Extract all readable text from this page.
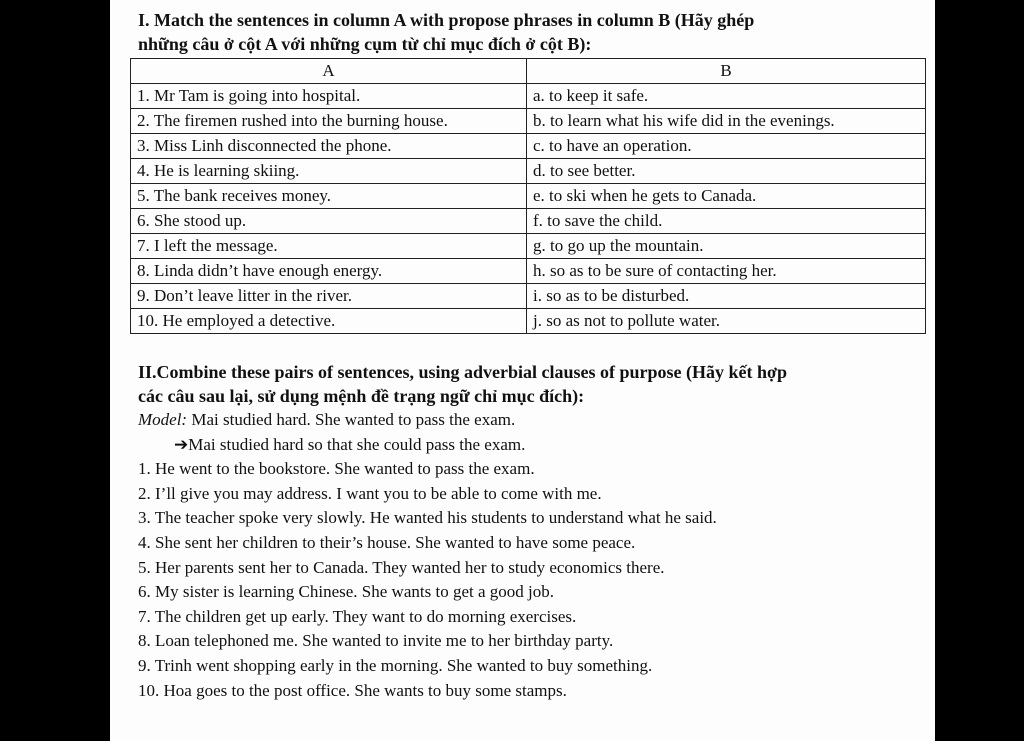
I. Match the sentences in column A with propose phrases in column B (Hãy ghép
những câu ở cột A với những cụm từ chỉ mục đích ở cột B):

A	B
1. Mr Tam is going into hospital.	a. to keep it safe.
2. The firemen rushed into the burning house.	b. to learn what his wife did in the evenings.
3. Miss Linh disconnected the phone.	c. to have an operation.
4. He is learning skiing.	d. to see better.
5. The bank receives money.	e. to ski when he gets to Canada.
6. She stood up.	f. to save the child.
7. I left the message.	g. to go up the mountain.
8. Linda didn’t have enough energy.	h. so as to be sure of contacting her.
9. Don’t leave litter in the river.	i. so as to be disturbed.
10. He employed a detective.	j. so as not to pollute water.

II.Combine these pairs of sentences, using adverbial clauses of purpose (Hãy kết hợp
các câu sau lại, sử dụng mệnh đề trạng ngữ chỉ mục đích):

Model: Mai studied hard. She wanted to pass the exam.

➔Mai studied hard so that she could pass the exam.

1. He went to the bookstore. She wanted to pass the exam.

2. I’ll give you may address. I want you to be able to come with me.

3. The teacher spoke very slowly. He wanted his students to understand what he said.

4. She sent her children to their’s house. She wanted to have some peace.

5. Her parents sent her to Canada. They wanted her to study economics there.

6. My sister is learning Chinese. She wants to get a good job.

7. The children get up early. They want to do morning exercises.

8. Loan telephoned me. She wanted to invite me to her birthday party.

9. Trinh went shopping early in the morning. She wanted to buy something.

10. Hoa goes to the post office. She wants to buy some stamps.
